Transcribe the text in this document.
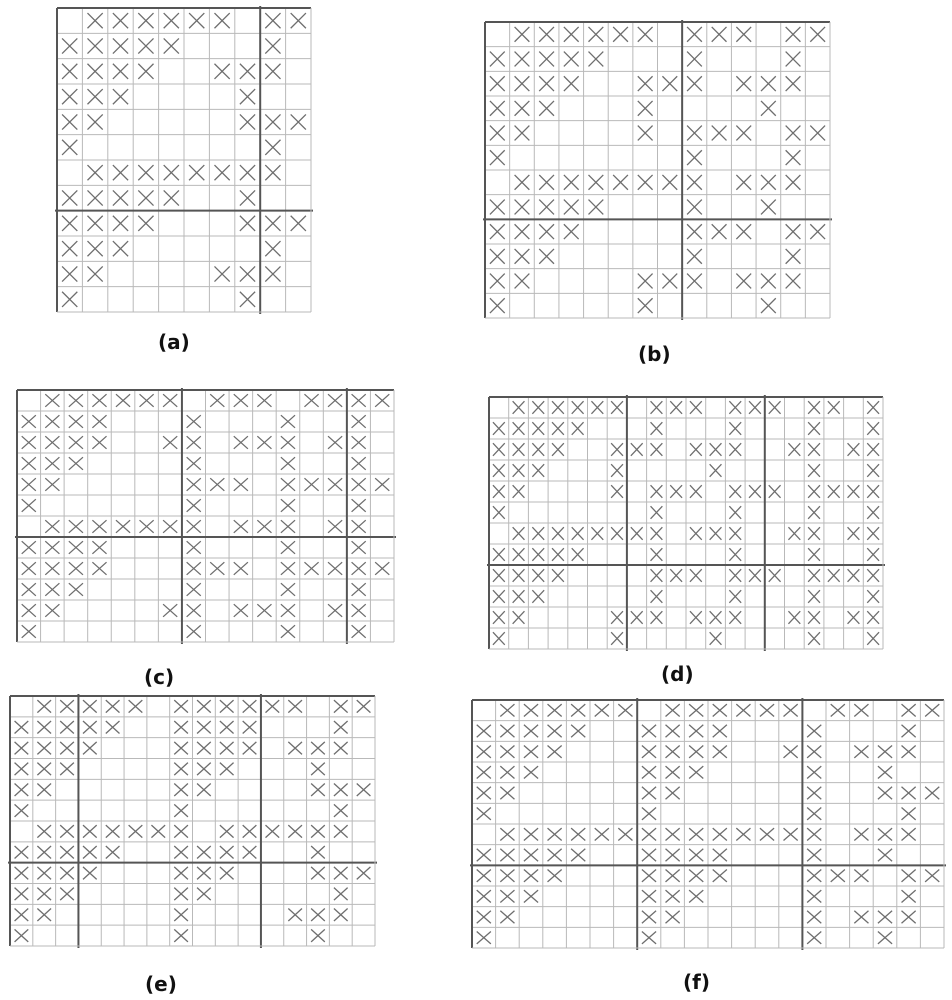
(a)	(b)
(c)	(d)
(e)	(f)
